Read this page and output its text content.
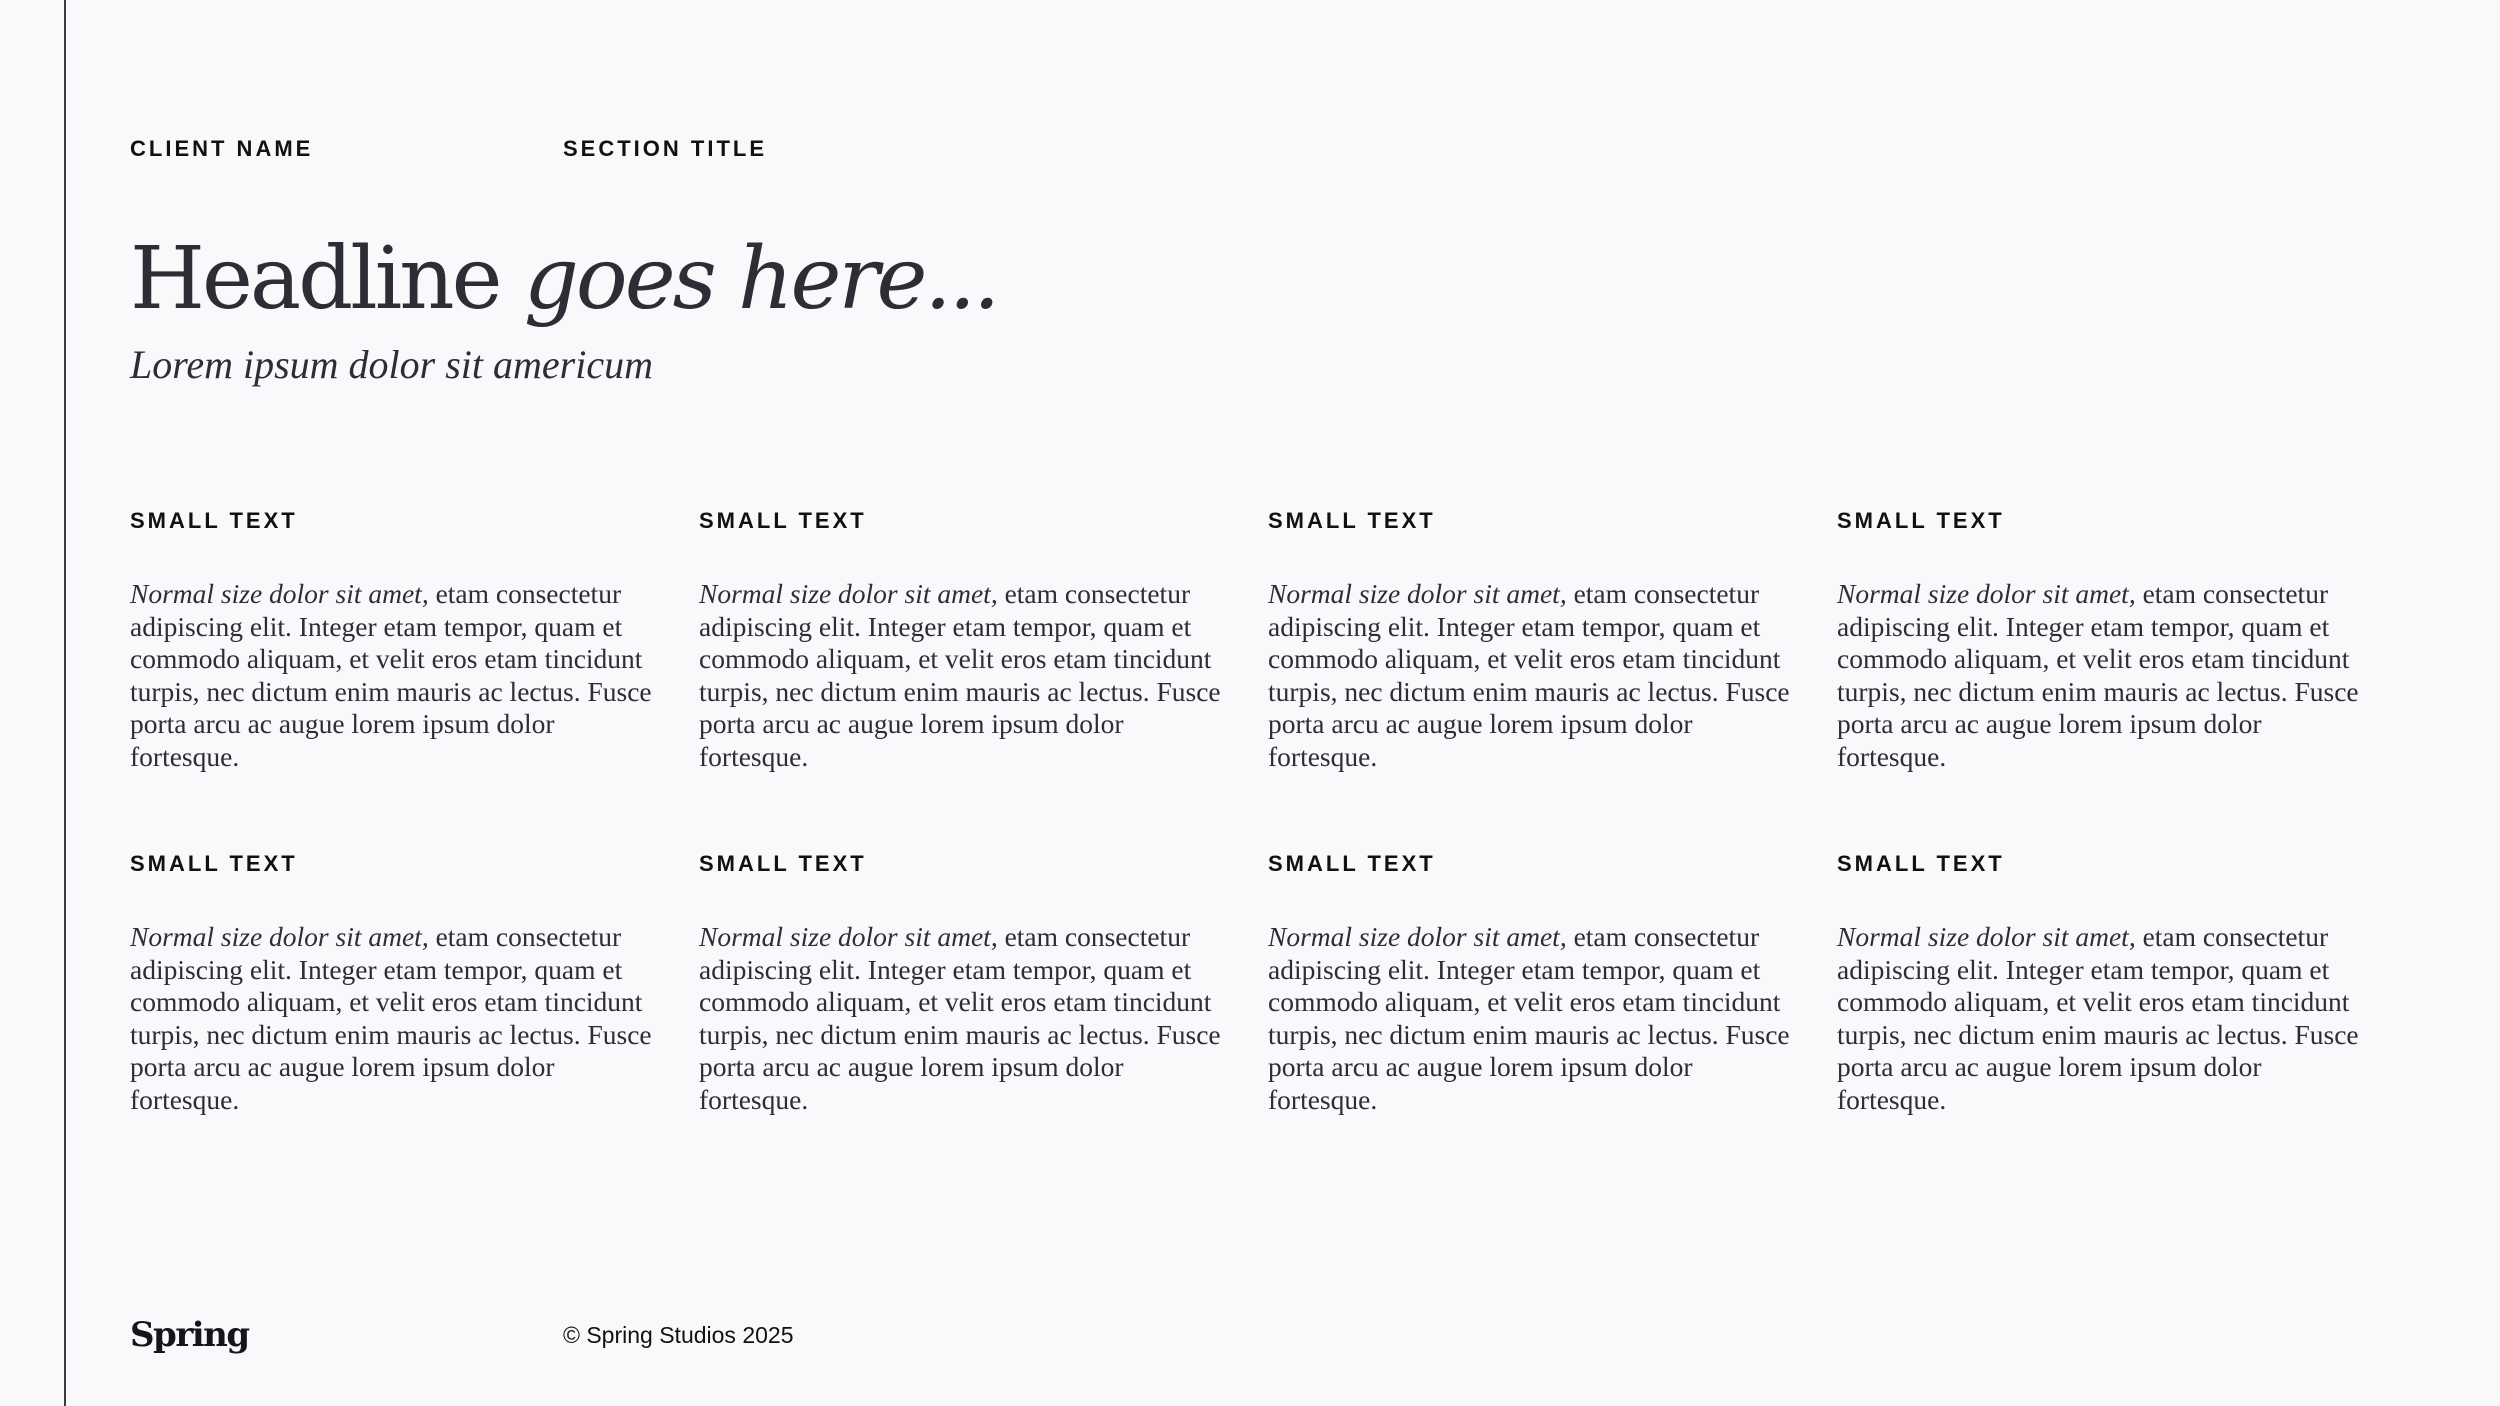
CLIENT NAME	SECTION TITLE
Headline goes here...
Lorem ipsum dolor sit americum
SMALL TEXT
Normal size dolor sit amet, etam consectetur adipiscing elit. Integer etam tempor, quam et commodo aliquam, et velit eros etam tincidunt turpis, nec dictum enim mauris ac lectus. Fusce porta arcu ac augue lorem ipsum dolor fortesque.
SMALL TEXT
Normal size dolor sit amet, etam consectetur adipiscing elit. Integer etam tempor, quam et commodo aliquam, et velit eros etam tincidunt turpis, nec dictum enim mauris ac lectus. Fusce porta arcu ac augue lorem ipsum dolor fortesque.
SMALL TEXT
Normal size dolor sit amet, etam consectetur adipiscing elit. Integer etam tempor, quam et commodo aliquam, et velit eros etam tincidunt turpis, nec dictum enim mauris ac lectus. Fusce porta arcu ac augue lorem ipsum dolor fortesque.
SMALL TEXT
Normal size dolor sit amet, etam consectetur adipiscing elit. Integer etam tempor, quam et commodo aliquam, et velit eros etam tincidunt turpis, nec dictum enim mauris ac lectus. Fusce porta arcu ac augue lorem ipsum dolor fortesque.
SMALL TEXT
Normal size dolor sit amet, etam consectetur adipiscing elit. Integer etam tempor, quam et commodo aliquam, et velit eros etam tincidunt turpis, nec dictum enim mauris ac lectus. Fusce porta arcu ac augue lorem ipsum dolor fortesque.
SMALL TEXT
Normal size dolor sit amet, etam consectetur adipiscing elit. Integer etam tempor, quam et commodo aliquam, et velit eros etam tincidunt turpis, nec dictum enim mauris ac lectus. Fusce porta arcu ac augue lorem ipsum dolor fortesque.
SMALL TEXT
Normal size dolor sit amet, etam consectetur adipiscing elit. Integer etam tempor, quam et commodo aliquam, et velit eros etam tincidunt turpis, nec dictum enim mauris ac lectus. Fusce porta arcu ac augue lorem ipsum dolor fortesque.
SMALL TEXT
Normal size dolor sit amet, etam consectetur adipiscing elit. Integer etam tempor, quam et commodo aliquam, et velit eros etam tincidunt turpis, nec dictum enim mauris ac lectus. Fusce porta arcu ac augue lorem ipsum dolor fortesque.
Spring	© Spring Studios 2025
